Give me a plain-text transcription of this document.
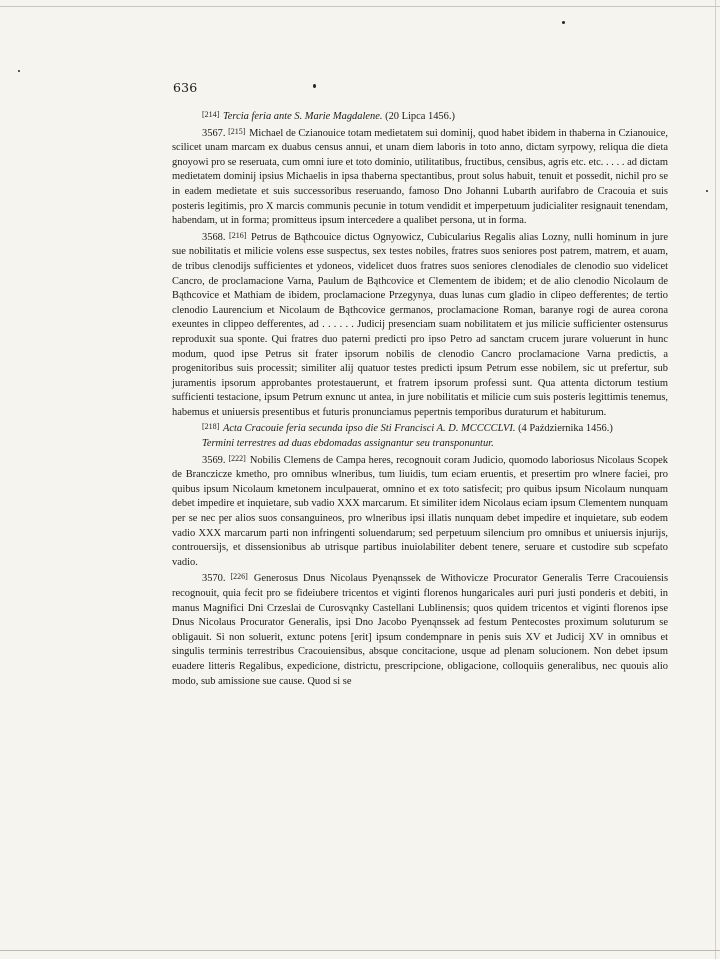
636

[214] Tercia feria ante S. Marie Magdalene. (20 Lipca 1456.)

3567. [215] Michael de Czianouice totam medietatem sui dominij, quod habet ibidem in thaberna in Czianouice, scilicet unam marcam ex duabus census annui, et unam diem laboris in toto anno, dictam syrpowy, reliqua die dieta gnoyowi pro se reseruata, cum omni iure et toto dominio, utilitatibus, fructibus, censibus, agris etc. etc. . . . . ad dictam medietatem dominij ipsius Michaelis in ipsa thaberna spectantibus, prout solus habuit, tenuit et possedit, nichil pro se in eadem medietate et suis successoribus reseruando, famoso Dno Johanni Lubarth aurifabro de Cracouia et suis posteris legitimis, pro X marcis communis pecunie in totum vendidit et imperpetuum judicialiter resignauit tenendam, habendam, ut in forma; promitteus ipsum intercedere a qualibet persona, ut in forma.

3568. [216] Petrus de Bąthcouice dictus Ognyowicz, Cubicularius Regalis alias Lozny, nulli hominum in jure sue nobilitatis et milicie volens esse suspectus, sex testes nobiles, fratres suos seniores post patrem, matrem, et auam, de tribus clenodijs sufficientes et ydoneos, videlicet duos fratres suos seniores clenodiales de clenodio suo videlicet Cancro, de proclamacione Varna, Paulum de Bąthcovice et Clementem de ibidem; et de alio clenodio Nicolaum de Bąthcovice et Mathiam de ibidem, proclamacione Przegynya, duas lunas cum gladio in clipeo defferentes; de tertio clenodio Laurencium et Nicolaum de Bąthcovice germanos, proclamacione Roman, baranye rogi de aurea corona exeuntes in clippeo defferentes, ad . . . . . . Judicij presenciam suam nobilitatem et jus milicie sufficienter ostensurus reproduxit sua sponte. Qui fratres duo paterni predicti pro ipso Petro ad sanctam crucem jurare voluerunt in hunc modum, quod ipse Petrus sit frater ipsorum nobilis de clenodio Cancro proclamacione Varna predictis, a progenitoribus suis processit; similiter alij quatuor testes predicti ipsum Petrum esse nobilem, sic ut prefertur, sub juramentis ipsorum approbantes protestauerunt, et fratrem ipsorum professi sunt. Qua attenta dictorum testium sufficienti testacione, ipsum Petrum exnunc ut antea, in jure nobilitatis et milicie cum suis posteris legittimis tenemus, habemus et uniuersis presentibus et futuris pronunciamus pepertnis temporibus duraturum et habiturum.

[218] Acta Cracouie feria secunda ipso die Sti Francisci A. D. MCCCCLVI. (4 Października 1456.)

Termini terrestres ad duas ebdomadas assignantur seu transponuntur.

3569. [222] Nobilis Clemens de Campa heres, recognouit coram Judicio, quomodo laboriosus Nicolaus Scopek de Branczicze kmetho, pro omnibus wlneribus, tum liuidis, tum eciam eruentis, et presertim pro wlnere faciei, pro quibus ipsum Nicolaum kmetonem inculpauerat, omnino et ex toto satisfecit; pro quibus ipsum Nicolaum nunquam debet impedire et inquietare, sub vadio XXX marcarum. Et similiter idem Nicolaus eciam ipsum Clementem nunquam per se nec per alios suos consanguineos, pro wlneribus ipsi illatis nunquam debet impedire et inquietare, sub eodem vadio XXX marcarum parti non infringenti soluendarum; sed perpetuum silencium pro omnibus et uniuersis injurijs, controuersijs, et dissensionibus ab utrisque partibus inuiolabiliter debent tenere, seruare et custodire sub scpefato vadio.

3570. [226] Generosus Dnus Nicolaus Pyenąnssek de Withovicze Procurator Generalis Terre Cracouiensis recognouit, quia fecit pro se fideiubere tricentos et viginti florenos hungaricales auri puri justi ponderis et debiti, in manus Magnifici Dni Crzeslai de Curosvąnky Castellani Lublinensis; quos quidem tricentos et viginti florenos ipse Dnus Nicolaus Procurator Generalis, ipsi Dno Jacobo Pyenąnssek ad festum Pentecostes proximum soluturum se obligauit. Si non soluerit, extunc potens [erit] ipsum condempnare in penis suis XV et Judicij XV in omnibus et singulis terminis terrestribus Cracouiensibus, absque concitacione, usque ad plenam solucionem. Non debet ipsum euadere litteris Regalibus, expedicione, districtu, prescripcione, obligacione, colloquiis generalibus, nec quouis alio modo, sub amissione sue cause. Quod si se
